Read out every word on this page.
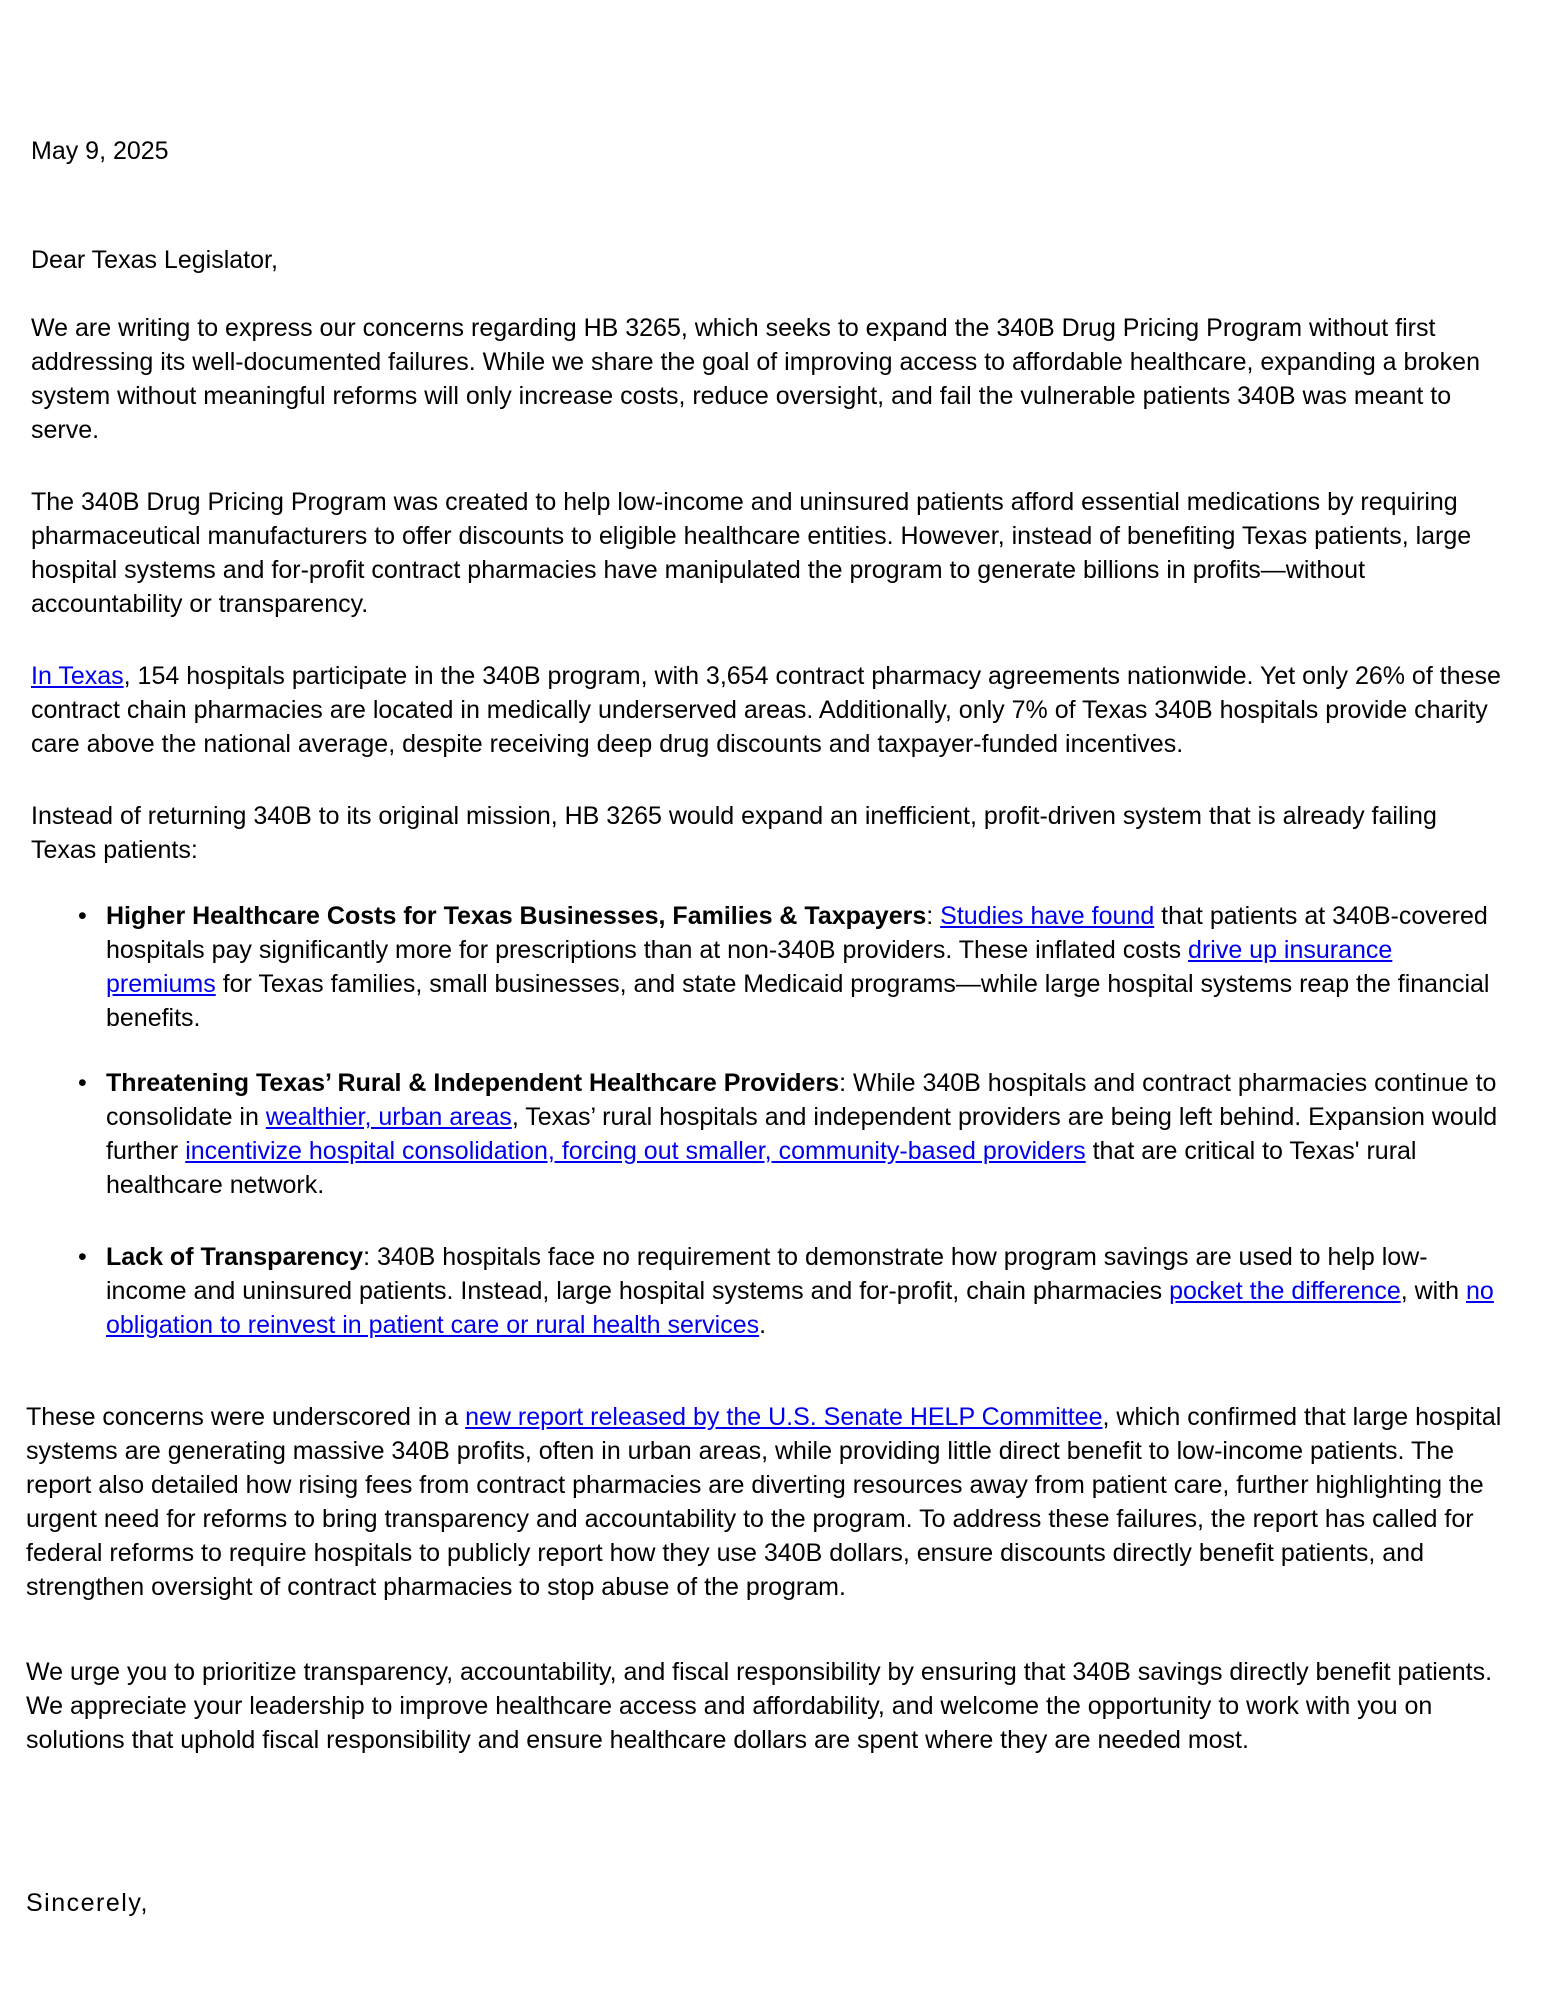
May 9, 2025

Dear Texas Legislator,

We are writing to express our concerns regarding HB 3265, which seeks to expand the 340B Drug Pricing Program without first addressing its well-documented failures. While we share the goal of improving access to affordable healthcare, expanding a broken system without meaningful reforms will only increase costs, reduce oversight, and fail the vulnerable patients 340B was meant to serve.

The 340B Drug Pricing Program was created to help low-income and uninsured patients afford essential medications by requiring pharmaceutical manufacturers to offer discounts to eligible healthcare entities. However, instead of benefiting Texas patients, large hospital systems and for-profit contract pharmacies have manipulated the program to generate billions in profits—without accountability or transparency.

In Texas, 154 hospitals participate in the 340B program, with 3,654 contract pharmacy agreements nationwide. Yet only 26% of these contract chain pharmacies are located in medically underserved areas. Additionally, only 7% of Texas 340B hospitals provide charity care above the national average, despite receiving deep drug discounts and taxpayer-funded incentives.

Instead of returning 340B to its original mission, HB 3265 would expand an inefficient, profit-driven system that is already failing Texas patients:

• Higher Healthcare Costs for Texas Businesses, Families & Taxpayers: Studies have found that patients at 340B-covered hospitals pay significantly more for prescriptions than at non-340B providers. These inflated costs drive up insurance premiums for Texas families, small businesses, and state Medicaid programs—while large hospital systems reap the financial benefits.
• Threatening Texas’ Rural & Independent Healthcare Providers: While 340B hospitals and contract pharmacies continue to consolidate in wealthier, urban areas, Texas’ rural hospitals and independent providers are being left behind. Expansion would further incentivize hospital consolidation, forcing out smaller, community-based providers that are critical to Texas' rural healthcare network.
• Lack of Transparency: 340B hospitals face no requirement to demonstrate how program savings are used to help low-income and uninsured patients. Instead, large hospital systems and for-profit, chain pharmacies pocket the difference, with no obligation to reinvest in patient care or rural health services.

These concerns were underscored in a new report released by the U.S. Senate HELP Committee, which confirmed that large hospital systems are generating massive 340B profits, often in urban areas, while providing little direct benefit to low-income patients. The report also detailed how rising fees from contract pharmacies are diverting resources away from patient care, further highlighting the urgent need for reforms to bring transparency and accountability to the program. To address these failures, the report has called for federal reforms to require hospitals to publicly report how they use 340B dollars, ensure discounts directly benefit patients, and strengthen oversight of contract pharmacies to stop abuse of the program.

We urge you to prioritize transparency, accountability, and fiscal responsibility by ensuring that 340B savings directly benefit patients. We appreciate your leadership to improve healthcare access and affordability, and welcome the opportunity to work with you on solutions that uphold fiscal responsibility and ensure healthcare dollars are spent where they are needed most.

Sincerely,
